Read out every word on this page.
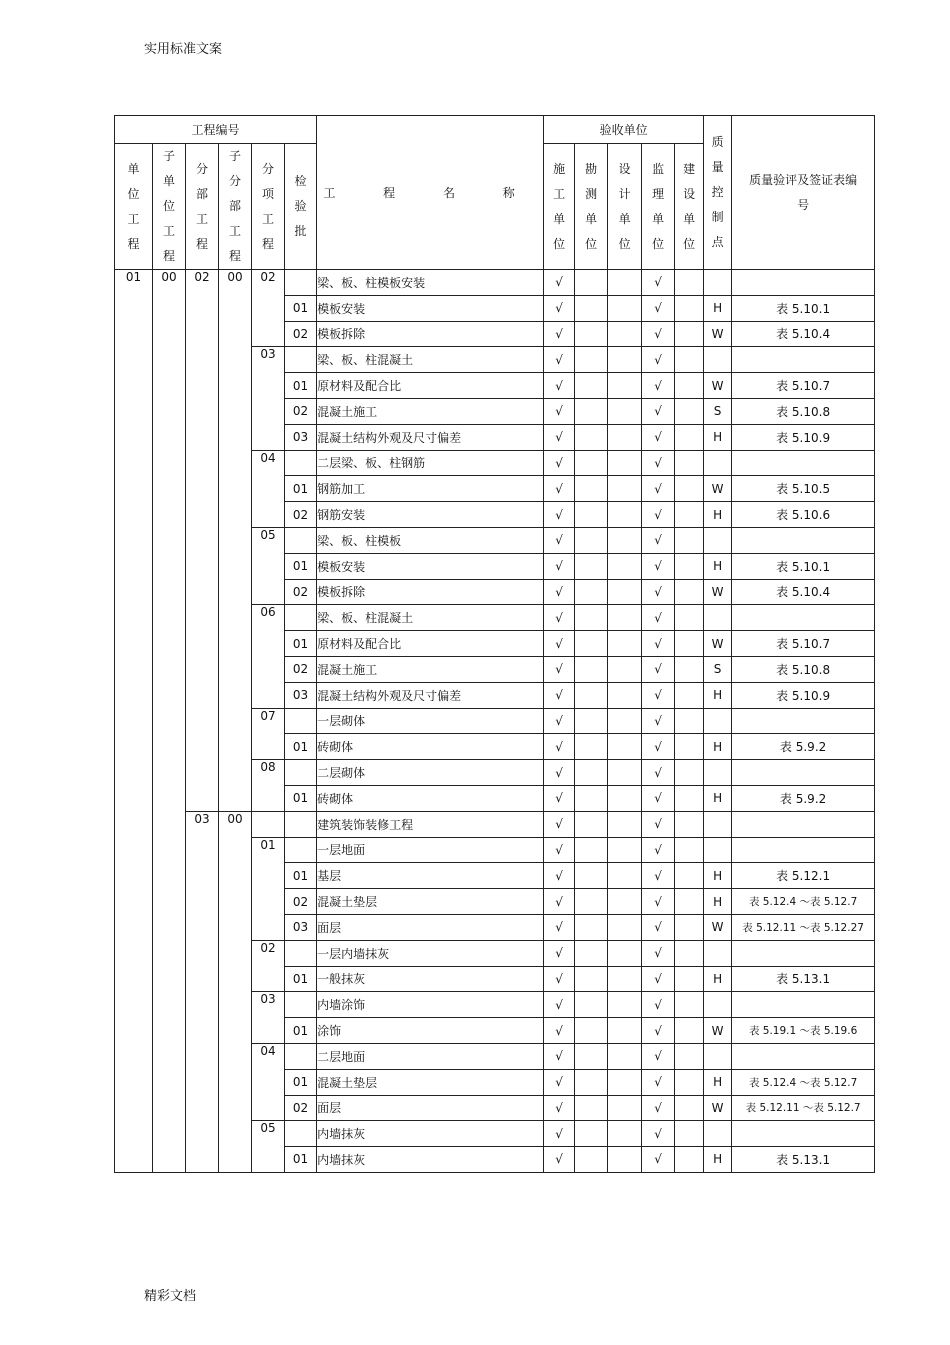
实用标准文案
工程编号						工 程 名 称	验收单位					质量控制点	质量验评及签证表编号
单位工程	子单位工程	分部工程	子分部工程	分项工程	检验批		施工单位	勘测单位	设计单位	监理单位	建设单位		
01	00	02	00	02		梁、板、柱模板安装	√			√			
					01	模板安装	√			√		H	表 5.10.1
					02	模板拆除	√			√		W	表 5.10.4
				03		梁、板、柱混凝土	√			√			
					01	原材料及配合比	√			√		W	表 5.10.7
					02	混凝土施工	√			√		S	表 5.10.8
					03	混凝土结构外观及尺寸偏差	√			√		H	表 5.10.9
				04		二层梁、板、柱钢筋	√			√			
					01	钢筋加工	√			√		W	表 5.10.5
					02	钢筋安装	√			√		H	表 5.10.6
				05		梁、板、柱模板	√			√			
					01	模板安装	√			√		H	表 5.10.1
					02	模板拆除	√			√		W	表 5.10.4
				06		梁、板、柱混凝土	√			√			
					01	原材料及配合比	√			√		W	表 5.10.7
					02	混凝土施工	√			√		S	表 5.10.8
					03	混凝土结构外观及尺寸偏差	√			√		H	表 5.10.9
				07		一层砌体	√			√			
					01	砖砌体	√			√		H	表 5.9.2
				08		二层砌体	√			√			
					01	砖砌体	√			√		H	表 5.9.2
		03	00			建筑装饰装修工程	√			√			
				01		一层地面	√			√			
					01	基层	√			√		H	表 5.12.1
					02	混凝土垫层	√			√		H	表 5.12.4 ～表 5.12.7
					03	面层	√			√		W	表 5.12.11 ～表 5.12.27
				02		一层内墙抹灰	√			√			
					01	一般抹灰	√			√		H	表 5.13.1
				03		内墙涂饰	√			√			
					01	涂饰	√			√		W	表 5.19.1 ～表 5.19.6
				04		二层地面	√			√			
					01	混凝土垫层	√			√		H	表 5.12.4 ～表 5.12.7
					02	面层	√			√		W	表 5.12.11 ～表 5.12.7
				05		内墙抹灰	√			√			
					01	内墙抹灰	√			√		H	表 5.13.1
精彩文档
